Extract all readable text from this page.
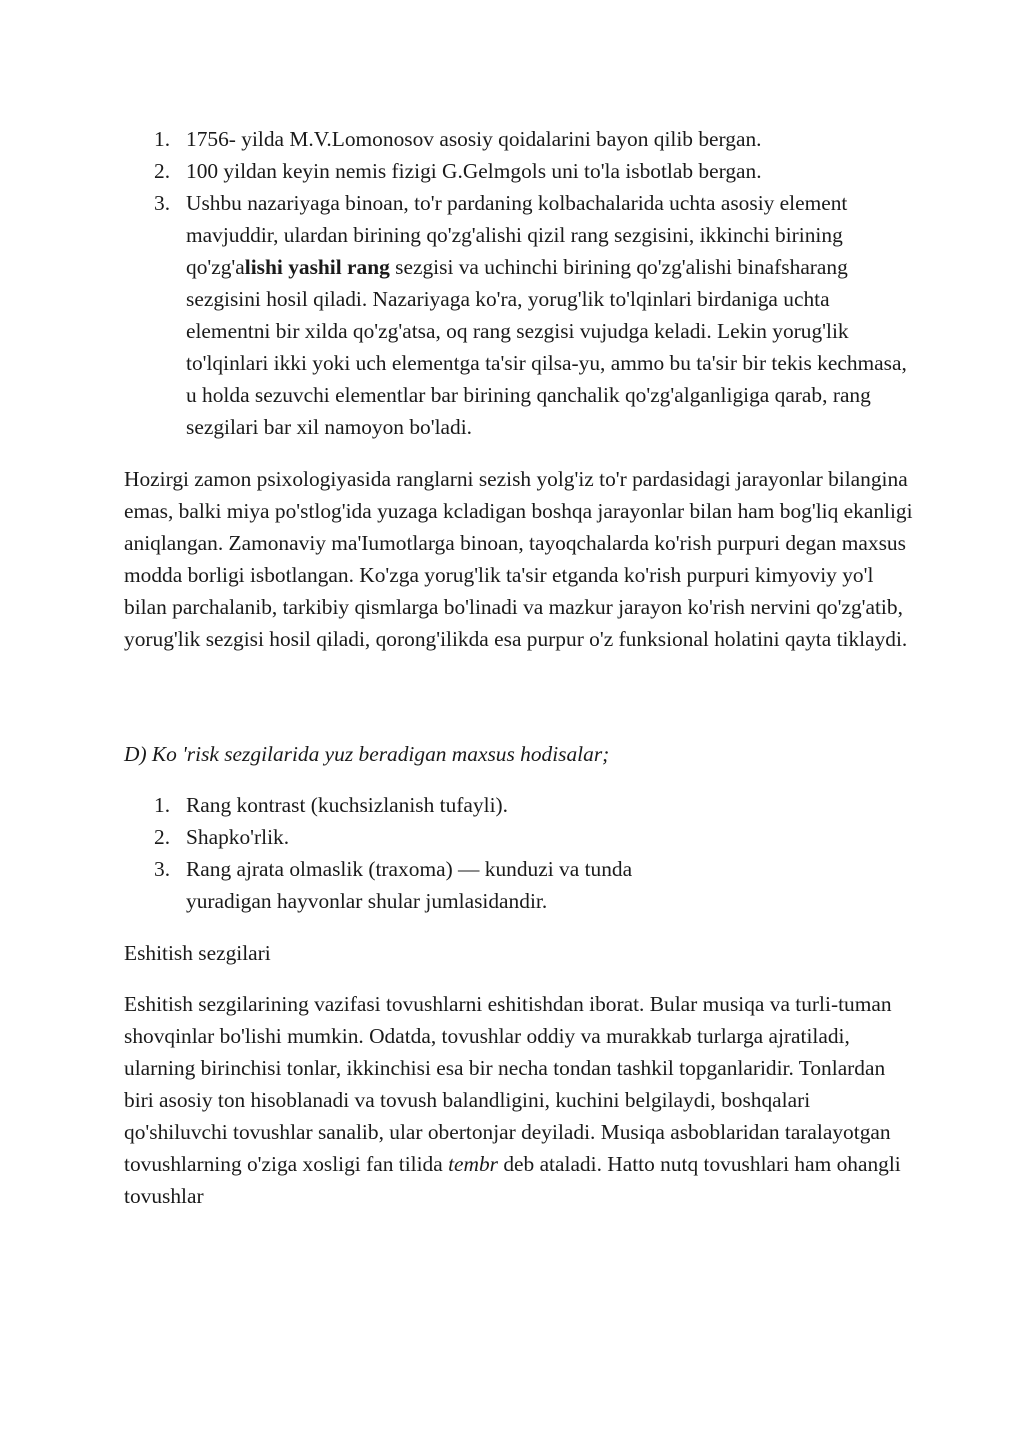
1. 1756- yilda M.V.Lomonosov asosiy qoidalarini bayon qilib bergan.
2. 100 yildan keyin nemis fizigi G.Gelmgols uni to'la isbotlab bergan.
3. Ushbu nazariyaga binoan, to'r pardaning kolbachalarida uchta asosiy element mavjuddir, ulardan birining qo'zg'alishi qizil rang sezgisini, ikkinchi birining qo'zg'alishi yashil rang sezgisi va uchinchi birining qo'zg'alishi binafsharang sezgisini hosil qiladi. Nazariyaga ko'ra, yorug'lik to'lqinlari birdaniga uchta elementni bir xilda qo'zg'atsa, oq rang sezgisi vujudga keladi. Lekin yorug'lik to'lqinlari ikki yoki uch elementga ta'sir qilsa-yu, ammo bu ta'sir bir tekis kechmasa, u holda sezuvchi elementlar bar birining qanchalik qo'zg'alganligiga qarab, rang sezgilari bar xil namoyon bo'ladi.

Hozirgi zamon psixologiyasida ranglarni sezish yolg'iz to'r pardasidagi jarayonlar bilangina emas, balki miya po'stlog'ida yuzaga kcladigan boshqa jarayonlar bilan ham bog'liq ekanligi aniqlangan. Zamonaviy ma'Iumotlarga binoan, tayoqchalarda ko'rish purpuri degan maxsus modda borligi isbotlangan. Ko'zga yorug'lik ta'sir etganda ko'rish purpuri kimyoviy yo'l bilan parchalanib, tarkibiy qismlarga bo'linadi va mazkur jarayon ko'rish nervini qo'zg'atib, yorug'lik sezgisi hosil qiladi, qorong'ilikda esa purpur o'z funksional holatini qayta tiklaydi.

D) Ko 'risk sezgilarida yuz beradigan maxsus hodisalar;

1. Rang kontrast (kuchsizlanish tufayli).
2. Shapko'rlik.
3. Rang ajrata olmaslik (traxoma) — kunduzi va tunda
yuradigan hayvonlar shular jumlasidandir.

Eshitish sezgilari

Eshitish sezgilarining vazifasi tovushlarni eshitishdan iborat. Bular musiqa va turli-tuman shovqinlar bo'lishi mumkin. Odatda, tovushlar oddiy va murakkab turlarga ajratiladi, ularning birinchisi tonlar, ikkinchisi esa bir necha tondan tashkil topganlaridir. Tonlardan biri asosiy ton hisoblanadi va tovush balandligini, kuchini belgilaydi, boshqalari qo'shiluvchi tovushlar sanalib, ular obertonjar deyiladi. Musiqa asboblaridan taralayotgan tovushlarning o'ziga xosligi fan tilida tembr deb ataladi. Hatto nutq tovushlari ham ohangli tovushlar
